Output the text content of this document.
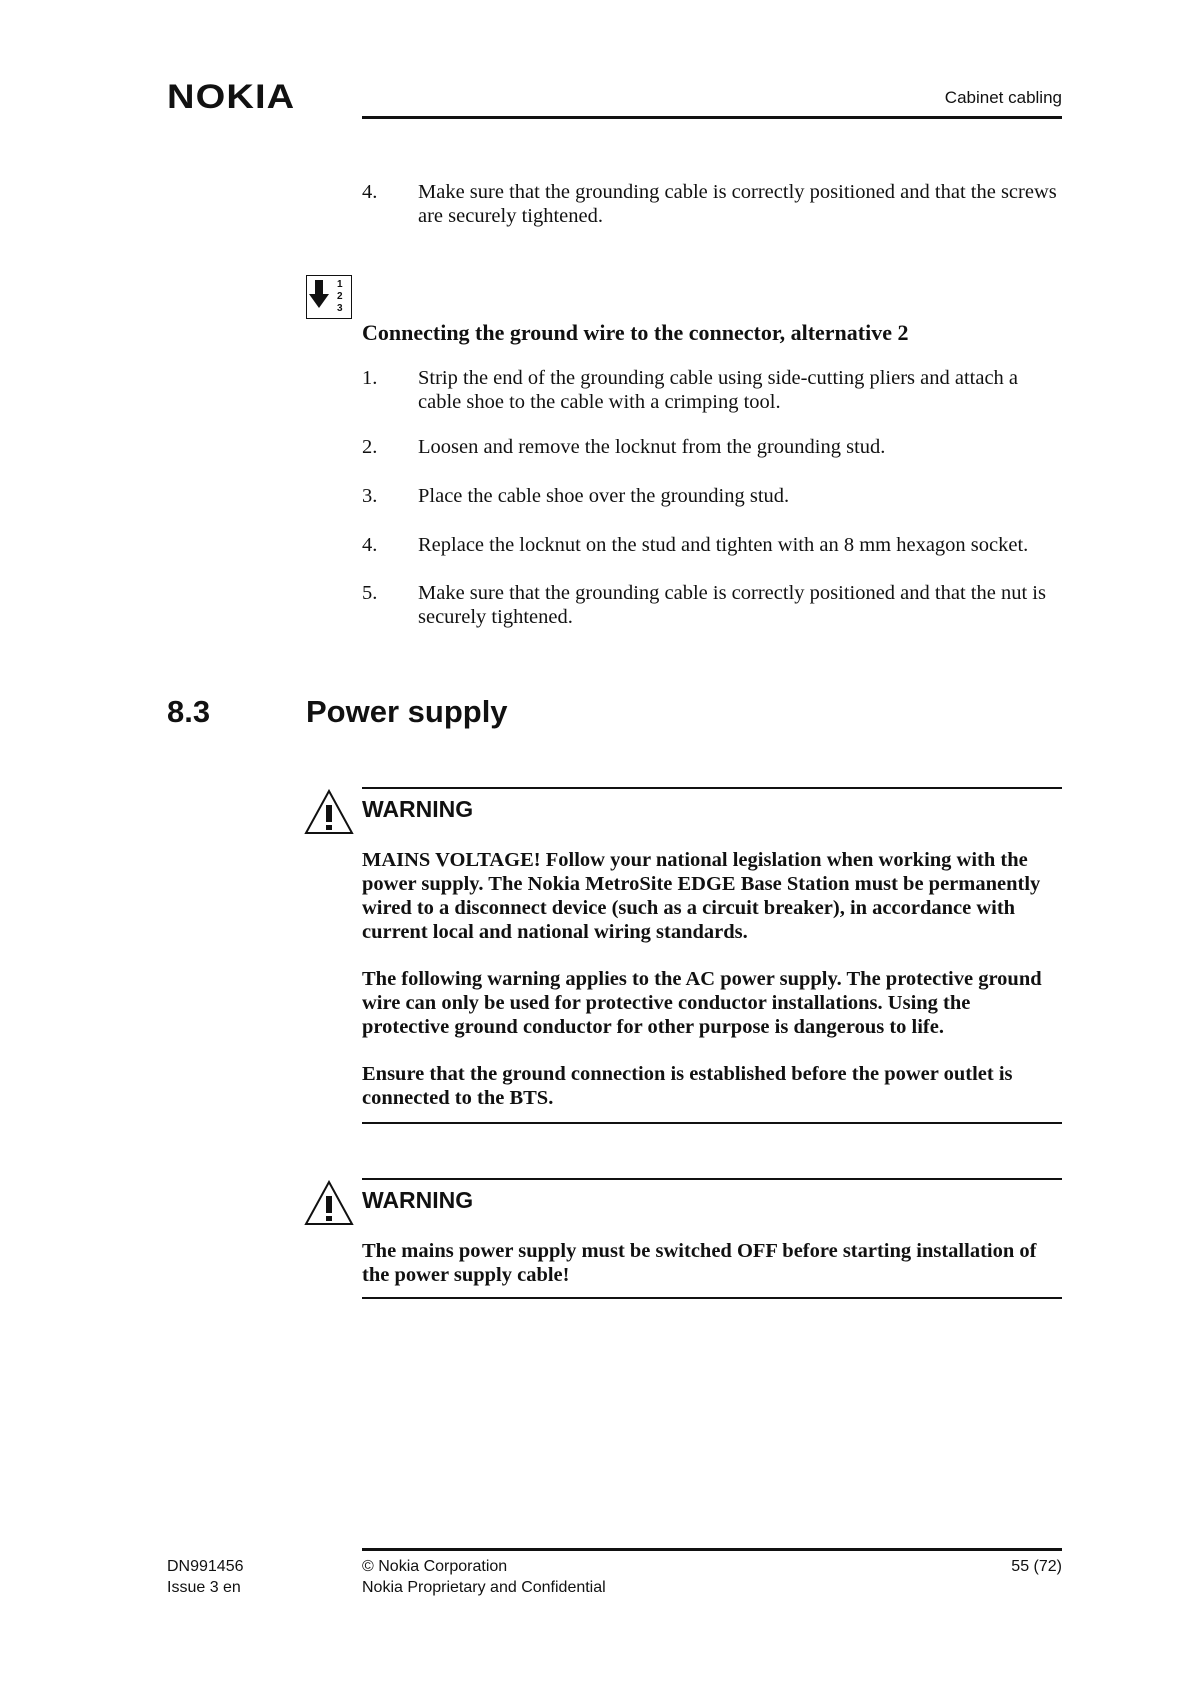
NOKIA	Cabinet cabling
4. Make sure that the grounding cable is correctly positioned and that the screws are securely tightened.
1
2
3
Connecting the ground wire to the connector, alternative 2
1. Strip the end of the grounding cable using side-cutting pliers and attach a cable shoe to the cable with a crimping tool.
2. Loosen and remove the locknut from the grounding stud.
3. Place the cable shoe over the grounding stud.
4. Replace the locknut on the stud and tighten with an 8 mm hexagon socket.
5. Make sure that the grounding cable is correctly positioned and that the nut is securely tightened.
8.3	Power supply
WARNING
MAINS VOLTAGE! Follow your national legislation when working with the power supply. The Nokia MetroSite EDGE Base Station must be permanently wired to a disconnect device (such as a circuit breaker), in accordance with current local and national wiring standards.
The following warning applies to the AC power supply. The protective ground wire can only be used for protective conductor installations. Using the protective ground conductor for other purpose is dangerous to life.
Ensure that the ground connection is established before the power outlet is connected to the BTS.
WARNING
The mains power supply must be switched OFF before starting installation of the power supply cable!
DN991456
Issue 3 en
© Nokia Corporation
Nokia Proprietary and Confidential
55 (72)
